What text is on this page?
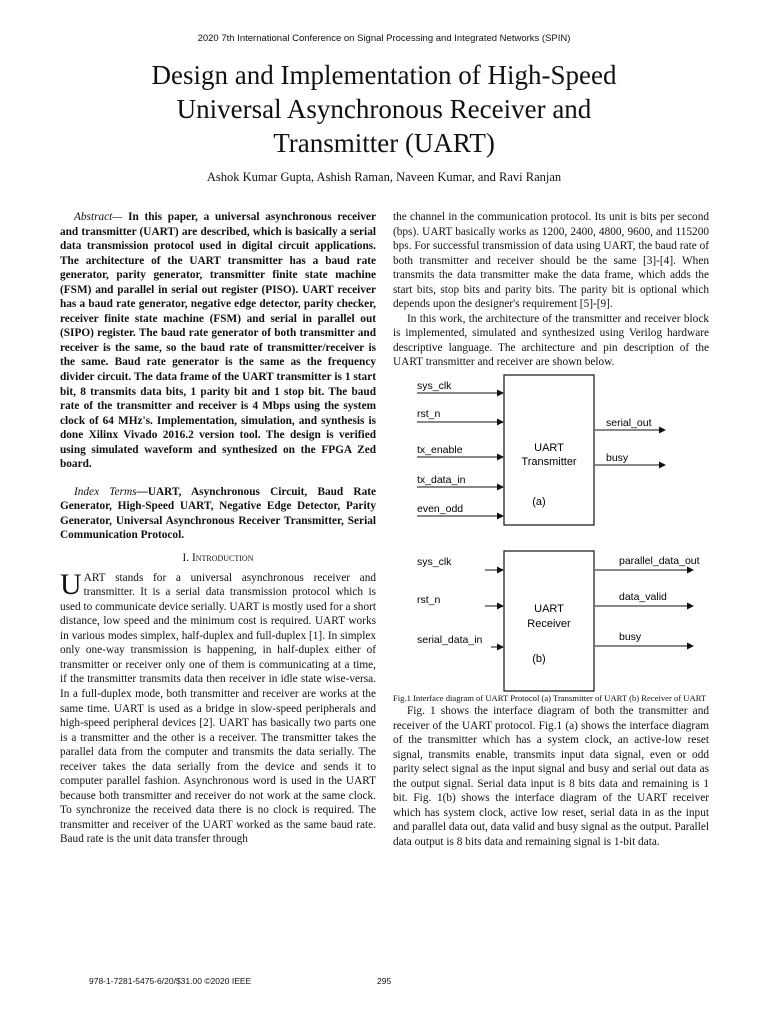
2020 7th International Conference on Signal Processing and Integrated Networks (SPIN)
Design and Implementation of High-Speed
Universal Asynchronous Receiver and
Transmitter (UART)
Ashok Kumar Gupta, Ashish Raman, Naveen Kumar, and Ravi Ranjan

Abstract— In this paper, a universal asynchronous receiver and transmitter (UART) are described, which is basically a serial data transmission protocol used in digital circuit applications. The architecture of the UART transmitter has a baud rate generator, parity generator, transmitter finite state machine (FSM) and parallel in serial out register (PISO). UART receiver has a baud rate generator, negative edge detector, parity checker, receiver finite state machine (FSM) and serial in parallel out (SIPO) register. The baud rate generator of both transmitter and receiver is the same, so the baud rate of transmitter/receiver is the same. Baud rate generator is the same as the frequency divider circuit. The data frame of the UART transmitter is 1 start bit, 8 transmits data bits, 1 parity bit and 1 stop bit. The baud rate of the transmitter and receiver is 4 Mbps using the system clock of 64 MHz's. Implementation, simulation, and synthesis is done Xilinx Vivado 2016.2 version tool. The design is verified using simulated waveform and synthesized on the FPGA Zed board.

Index Terms—UART, Asynchronous Circuit, Baud Rate Generator, High-Speed UART, Negative Edge Detector, Parity Generator, Universal Asynchronous Receiver Transmitter, Serial Communication Protocol.

I. Introduction

UART stands for a universal asynchronous receiver and transmitter. It is a serial data transmission protocol which is used to communicate device serially. UART is mostly used for a short distance, low speed and the minimum cost is required. UART works in various modes simplex, half-duplex and full-duplex [1]. In simplex only one-way transmission is happening, in half-duplex either of transmitter or receiver only one of them is communicating at a time, if the transmitter transmits data then receiver in idle state wise-versa. In a full-duplex mode, both transmitter and receiver are works at the same time. UART is used as a bridge in slow-speed peripherals and high-speed peripheral devices [2]. UART has basically two parts one is a transmitter and the other is a receiver. The transmitter takes the parallel data from the computer and transmits the data serially. The receiver takes the data serially from the device and sends it to computer parallel fashion. Asynchronous word is used in the UART because both transmitter and receiver do not work at the same clock. To synchronize the received data there is no clock is required. The transmitter and receiver of the UART worked as the same baud rate. Baud rate is the unit data transfer through

the channel in the communication protocol. Its unit is bits per second (bps). UART basically works as 1200, 2400, 4800, 9600, and 115200 bps. For successful transmission of data using UART, the baud rate of both transmitter and receiver should be the same [3]-[4]. When transmits the data transmitter make the data frame, which adds the start bits, stop bits and parity bits. The parity bit is optional which depends upon the designer's requirement [5]-[9].

In this work, the architecture of the transmitter and receiver block is implemented, simulated and synthesized using Verilog hardware descriptive language. The architecture and pin description of the UART transmitter and receiver are shown below.

UART
Transmitter
(a)
sys_clk
rst_n
tx_enable
tx_data_in
even_odd
serial_out
busy
UART
Receiver
(b)
sys_clk
rst_n
serial_data_in
parallel_data_out
data_valid
busy

Fig.1 Interface diagram of UART Protocol (a) Transmitter of UART (b) Receiver of UART

Fig. 1 shows the interface diagram of both the transmitter and receiver of the UART protocol. Fig.1 (a) shows the interface diagram of the transmitter which has a system clock, an active-low reset signal, transmits enable, transmits input data signal, even or odd parity select signal as the input signal and busy and serial out data as the output signal. Serial data input is 8 bits data and remaining is 1 bit. Fig. 1(b) shows the interface diagram of the UART receiver which has system clock, active low reset, serial data in as the input and parallel data out, data valid and busy signal as the output. Parallel data output is 8 bits data and remaining signal is 1-bit data.

978-1-7281-5475-6/20/$31.00 ©2020 IEEE	295
